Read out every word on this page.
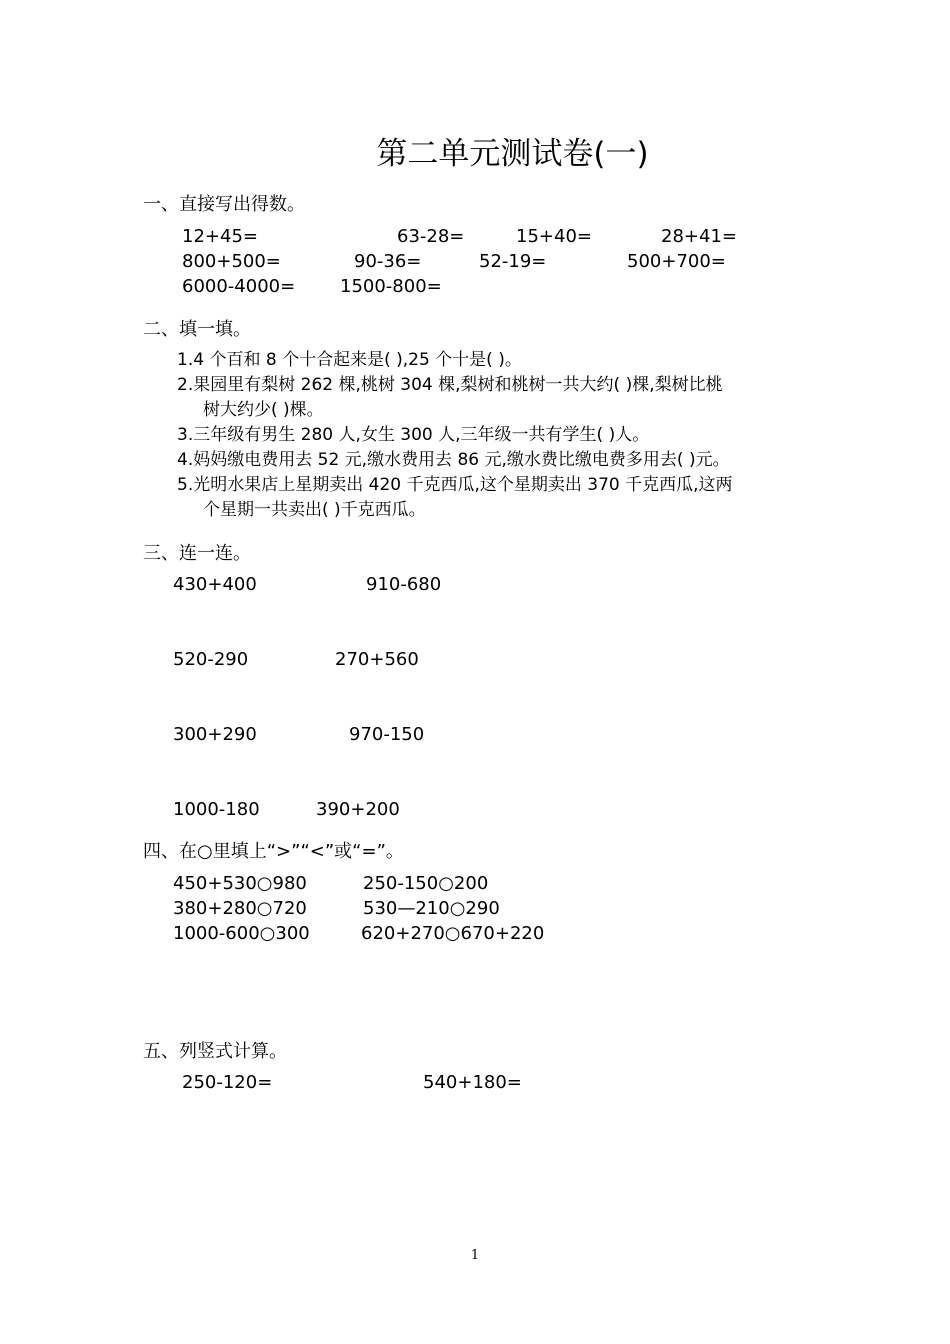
第二单元测试卷(一)
一、直接写出得数。
12+45=	63-28=	15+40=	28+41=
800+500=	90-36=	52-19=	500+700=
6000-4000= 1500-800=
二、填一填。
1.4 个百和 8 个十合起来是( ),25 个十是( )。
2.果园里有梨树 262 棵,桃树 304 棵,梨树和桃树一共大约( )棵,梨树比桃
树大约少( )棵。
3.三年级有男生 280 人,女生 300 人,三年级一共有学生( )人。
4.妈妈缴电费用去 52 元,缴水费用去 86 元,缴水费比缴电费多用去( )元。
5.光明水果店上星期卖出 420 千克西瓜,这个星期卖出 370 千克西瓜,这两
个星期一共卖出( )千克西瓜。
三、连一连。
430+400	910-680
520-290	270+560
300+290	970-150
1000-180	390+200
四、在○里填上“>”“<”或“=”。
450+530○980	250-150○200
380+280○720	530—210○290
1000-600○300	620+270○670+220
五、列竖式计算。
250-120=	540+180=
1
